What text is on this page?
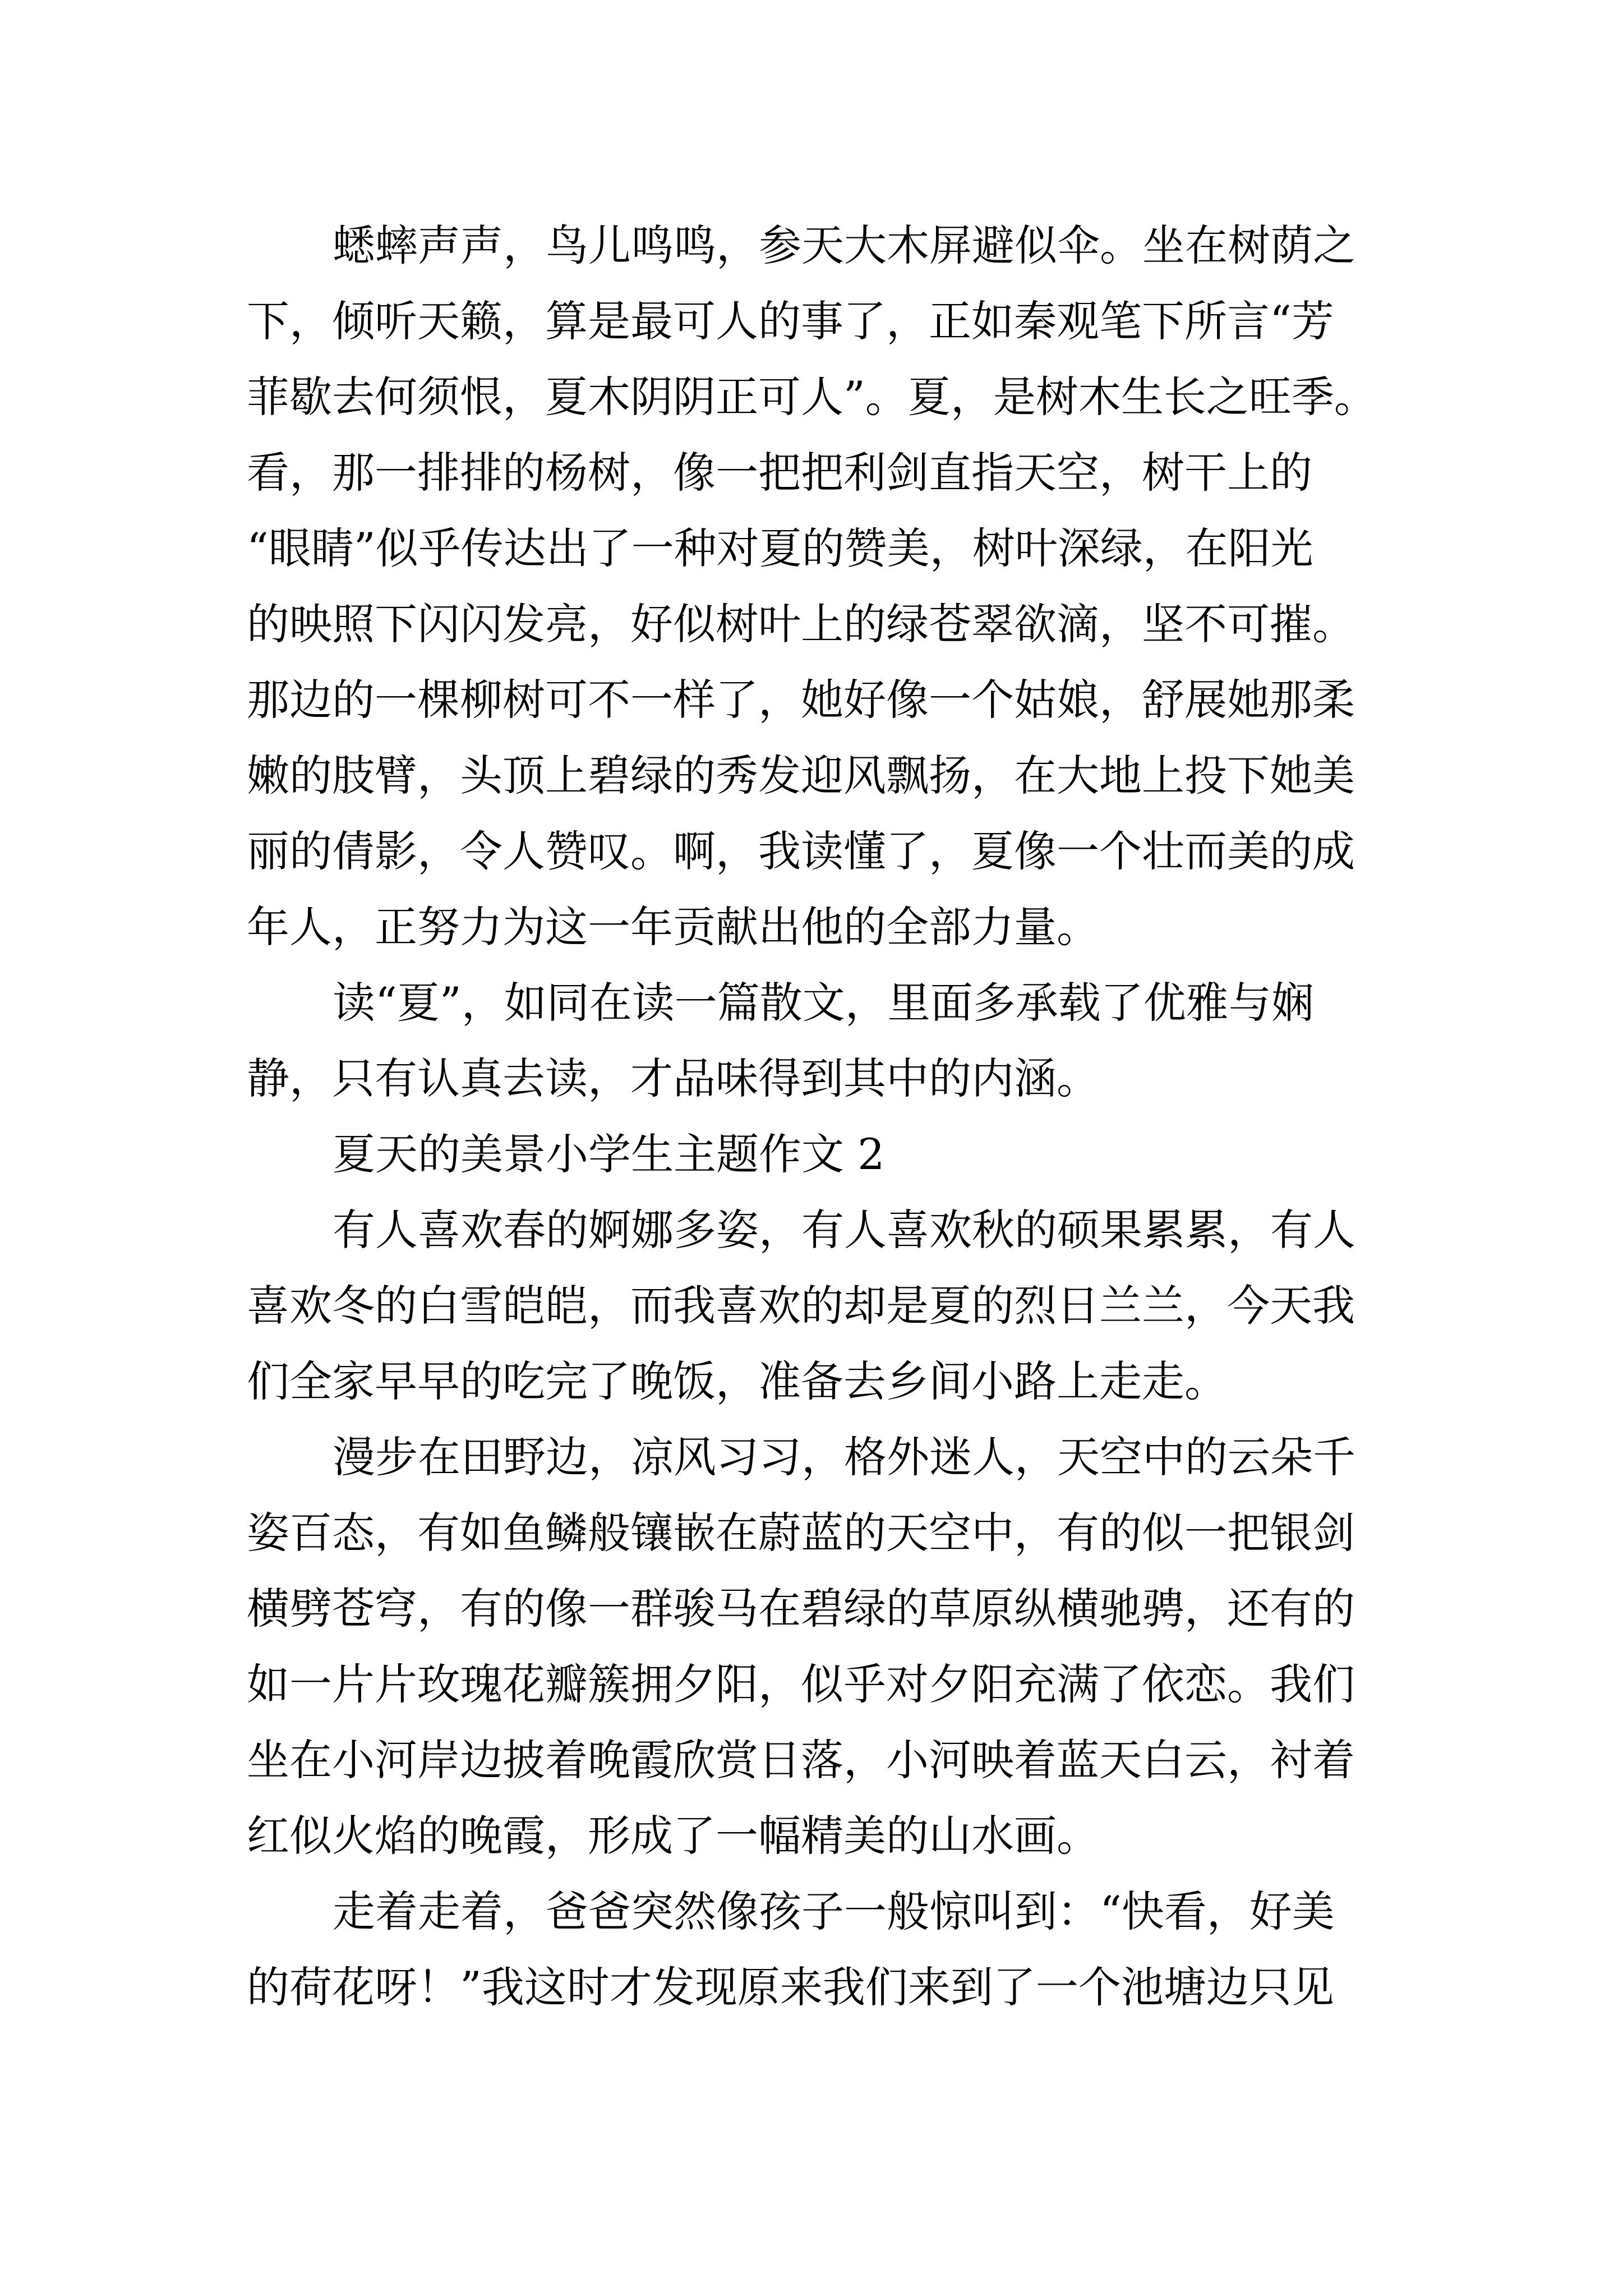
蟋蟀声声，鸟儿鸣鸣，参天大木屏避似伞。坐在树荫之
下，倾听天籁，算是最可人的事了，正如秦观笔下所言“芳
菲歇去何须恨，夏木阴阴正可人”。夏，是树木生长之旺季。
看，那一排排的杨树，像一把把利剑直指天空，树干上的
“眼睛”似乎传达出了一种对夏的赞美，树叶深绿，在阳光
的映照下闪闪发亮，好似树叶上的绿苍翠欲滴，坚不可摧。
那边的一棵柳树可不一样了，她好像一个姑娘，舒展她那柔
嫩的肢臂，头顶上碧绿的秀发迎风飘扬，在大地上投下她美
丽的倩影，令人赞叹。啊，我读懂了，夏像一个壮而美的成
年人，正努力为这一年贡献出他的全部力量。
读“夏”，如同在读一篇散文，里面多承载了优雅与娴
静，只有认真去读，才品味得到其中的内涵。
夏天的美景小学生主题作文 2
有人喜欢春的婀娜多姿，有人喜欢秋的硕果累累，有人
喜欢冬的白雪皑皑，而我喜欢的却是夏的烈日兰兰，今天我
们全家早早的吃完了晚饭，准备去乡间小路上走走。
漫步在田野边，凉风习习，格外迷人，天空中的云朵千
姿百态，有如鱼鳞般镶嵌在蔚蓝的天空中，有的似一把银剑
横劈苍穹，有的像一群骏马在碧绿的草原纵横驰骋，还有的
如一片片玫瑰花瓣簇拥夕阳，似乎对夕阳充满了依恋。我们
坐在小河岸边披着晚霞欣赏日落，小河映着蓝天白云，衬着
红似火焰的晚霞，形成了一幅精美的山水画。
走着走着，爸爸突然像孩子一般惊叫到：“快看，好美
的荷花呀！”我这时才发现原来我们来到了一个池塘边只见
